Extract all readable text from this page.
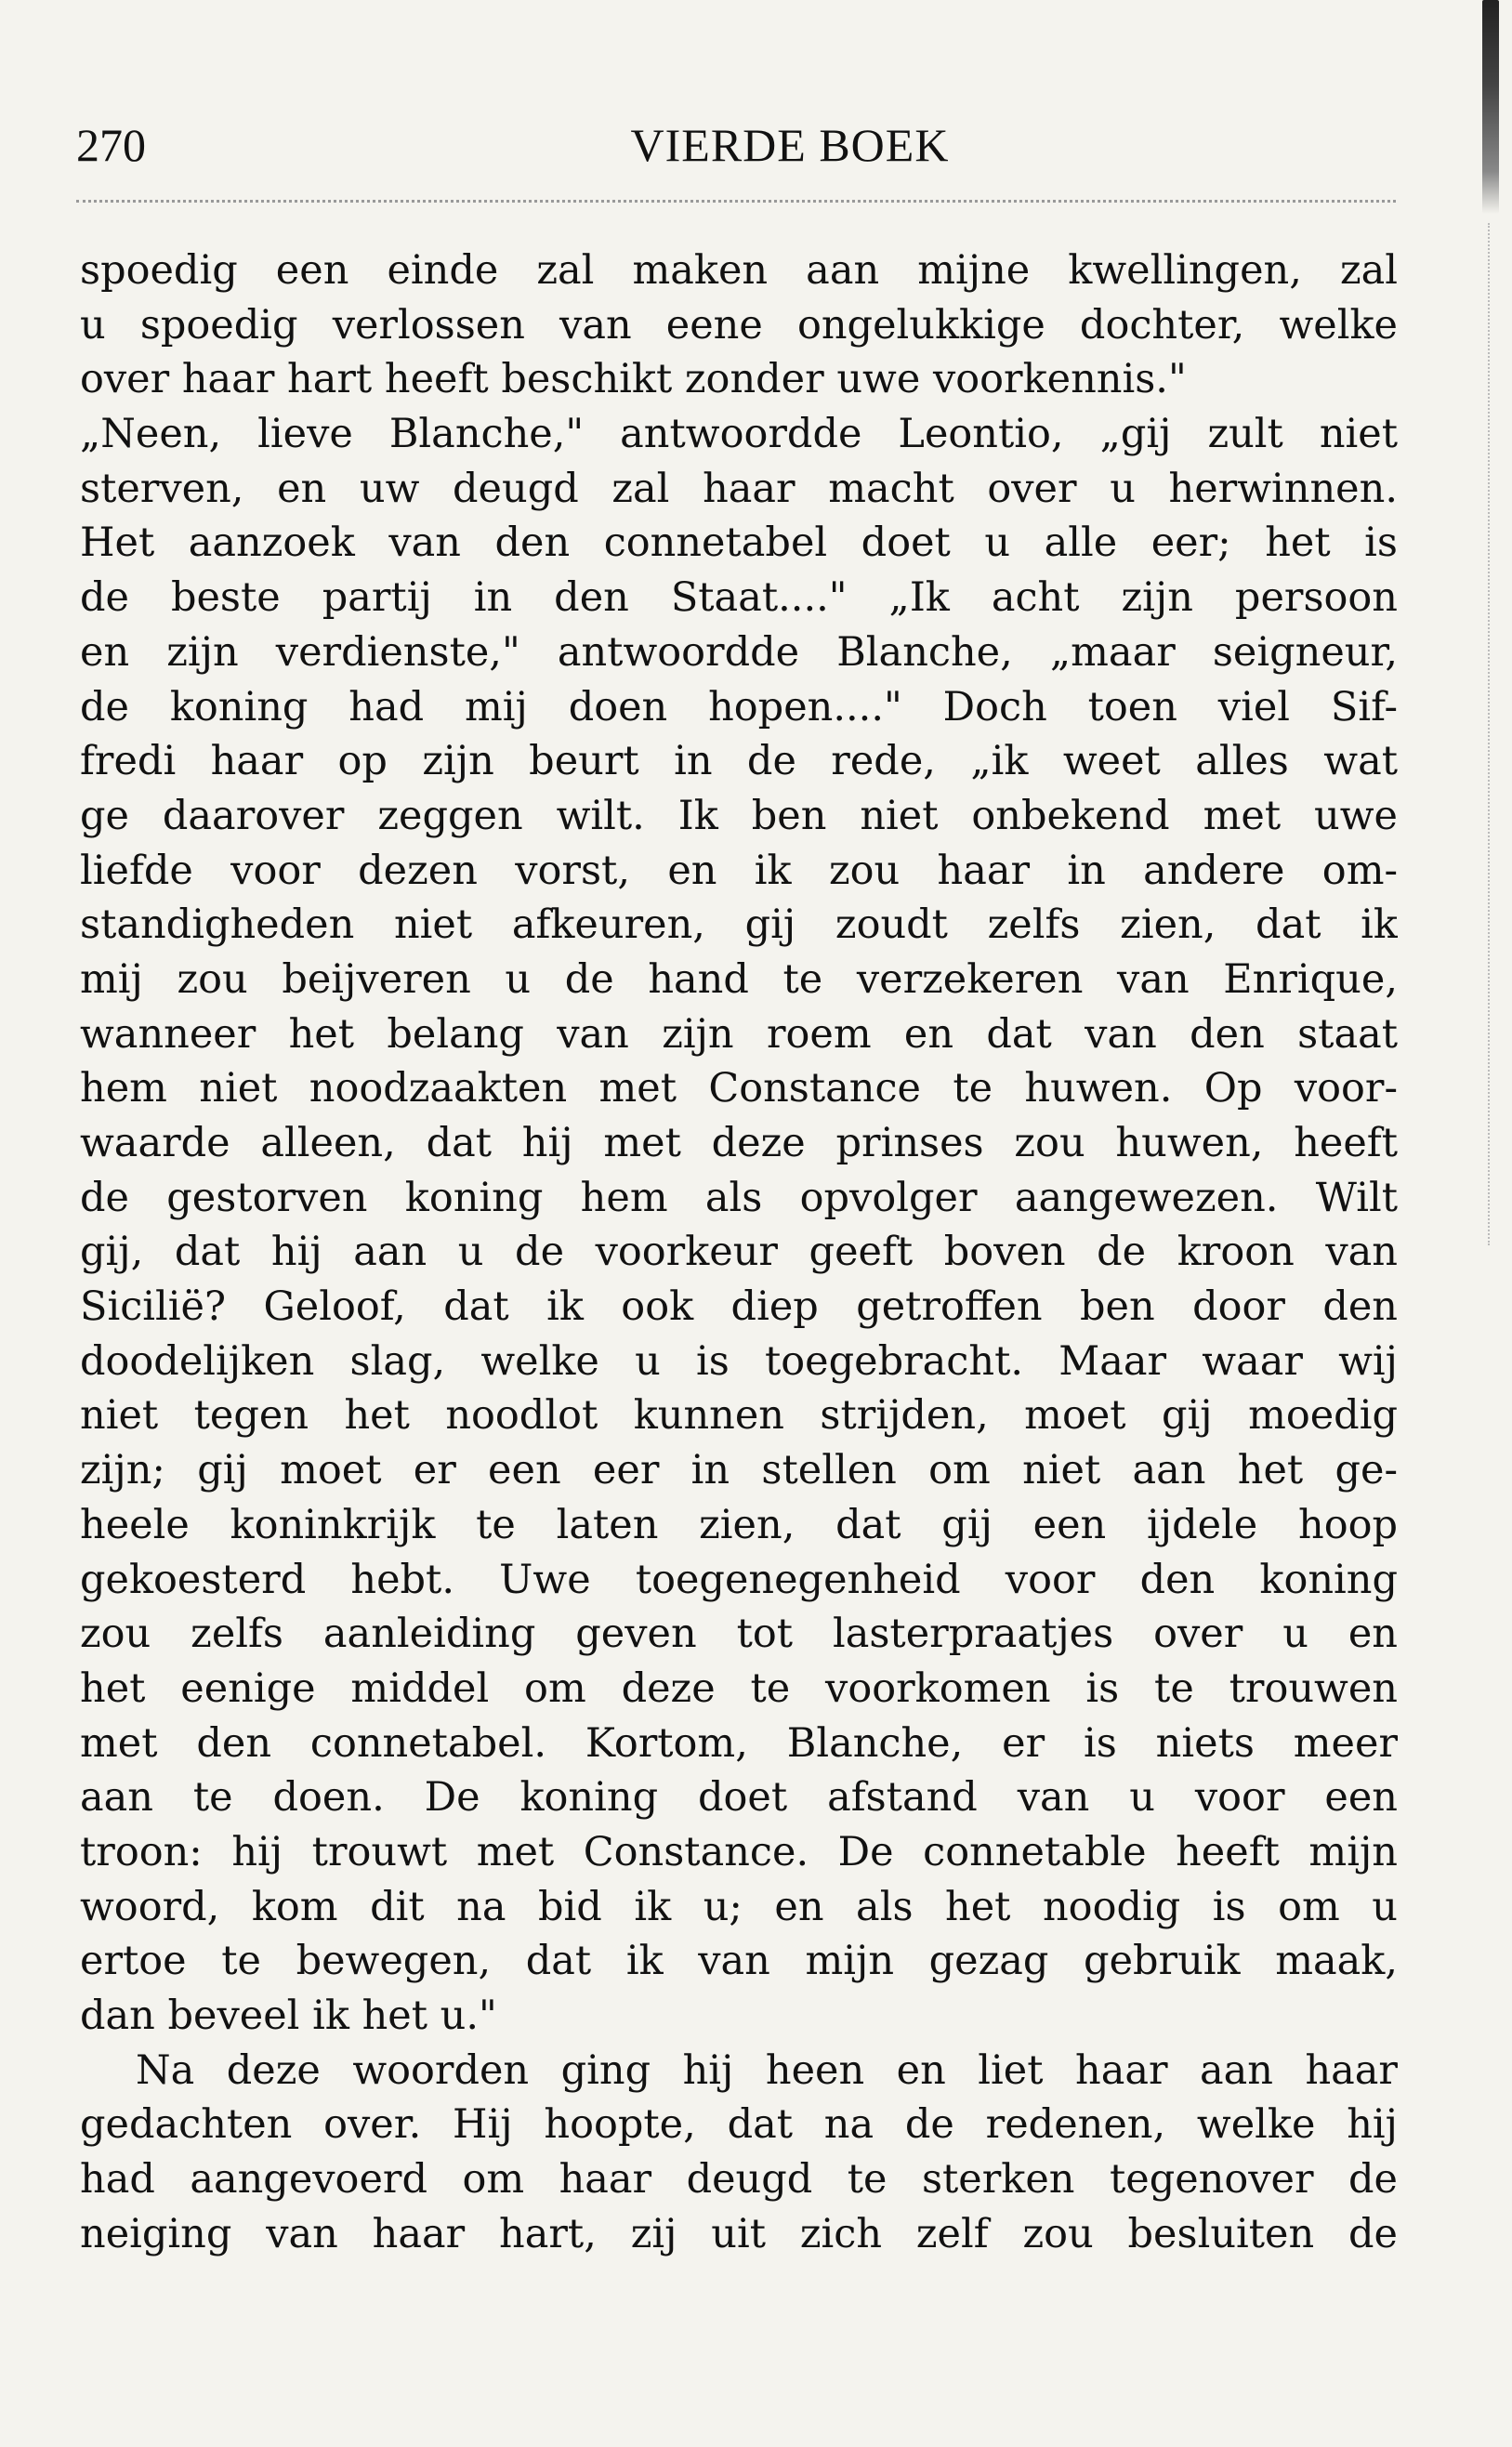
270	VIERDE BOEK
spoedig een einde zal maken aan mijne kwellingen, zal
u spoedig verlossen van eene ongelukkige dochter, welke
over haar hart heeft beschikt zonder uwe voorkennis."
„Neen, lieve Blanche," antwoordde Leontio, „gij zult niet
sterven, en uw deugd zal haar macht over u herwinnen.
Het aanzoek van den connetabel doet u alle eer; het is
de beste partij in den Staat...." „Ik acht zijn persoon
en zijn verdienste," antwoordde Blanche, „maar seigneur,
de koning had mij doen hopen...." Doch toen viel Sif-
fredi haar op zijn beurt in de rede, „ik weet alles wat
ge daarover zeggen wilt. Ik ben niet onbekend met uwe
liefde voor dezen vorst, en ik zou haar in andere om-
standigheden niet afkeuren, gij zoudt zelfs zien, dat ik
mij zou beijveren u de hand te verzekeren van Enrique,
wanneer het belang van zijn roem en dat van den staat
hem niet noodzaakten met Constance te huwen. Op voor-
waarde alleen, dat hij met deze prinses zou huwen, heeft
de gestorven koning hem als opvolger aangewezen. Wilt
gij, dat hij aan u de voorkeur geeft boven de kroon van
Sicilië? Geloof, dat ik ook diep getroffen ben door den
doodelijken slag, welke u is toegebracht. Maar waar wij
niet tegen het noodlot kunnen strijden, moet gij moedig
zijn; gij moet er een eer in stellen om niet aan het ge-
heele koninkrijk te laten zien, dat gij een ijdele hoop
gekoesterd hebt. Uwe toegenegenheid voor den koning
zou zelfs aanleiding geven tot lasterpraatjes over u en
het eenige middel om deze te voorkomen is te trouwen
met den connetabel. Kortom, Blanche, er is niets meer
aan te doen. De koning doet afstand van u voor een
troon: hij trouwt met Constance. De connetable heeft mijn
woord, kom dit na bid ik u; en als het noodig is om u
ertoe te bewegen, dat ik van mijn gezag gebruik maak,
dan beveel ik het u."
Na deze woorden ging hij heen en liet haar aan haar
gedachten over. Hij hoopte, dat na de redenen, welke hij
had aangevoerd om haar deugd te sterken tegenover de
neiging van haar hart, zij uit zich zelf zou besluiten de
